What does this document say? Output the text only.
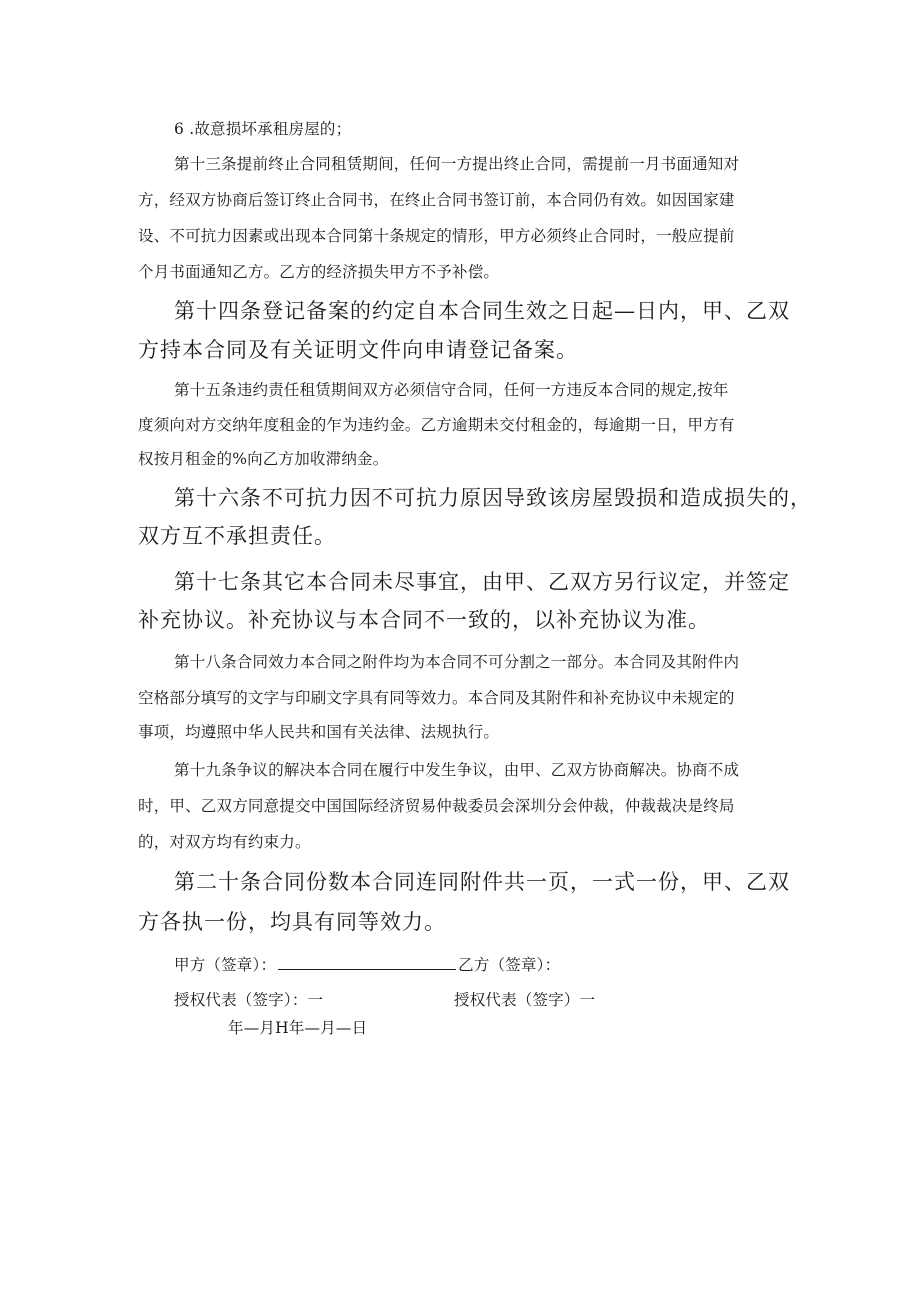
6 .故意损坏承租房屋的；
第十三条提前终止合同租赁期间，任何一方提出终止合同，需提前一月书面通知对
方，经双方协商后签订终止合同书，在终止合同书签订前，本合同仍有效。如因国家建
设、不可抗力因素或出现本合同第十条规定的情形，甲方必须终止合同时，一般应提前
个月书面通知乙方。乙方的经济损失甲方不予补偿。
第十四条登记备案的约定自本合同生效之日起—日内，甲、乙双
方持本合同及有关证明文件向申请登记备案。
第十五条违约责任租赁期间双方必须信守合同，任何一方违反本合同的规定,按年
度须向对方交纳年度租金的乍为违约金。乙方逾期未交付租金的，每逾期一日，甲方有
权按月租金的%向乙方加收滞纳金。
第十六条不可抗力因不可抗力原因导致该房屋毁损和造成损失的，
双方互不承担责任。
第十七条其它本合同未尽事宜，由甲、乙双方另行议定，并签定
补充协议。补充协议与本合同不一致的，以补充协议为准。
第十八条合同效力本合同之附件均为本合同不可分割之一部分。本合同及其附件内
空格部分填写的文字与印刷文字具有同等效力。本合同及其附件和补充协议中未规定的
事项，均遵照中华人民共和国有关法律、法规执行。
第十九条争议的解决本合同在履行中发生争议，由甲、乙双方协商解决。协商不成
时，甲、乙双方同意提交中国国际经济贸易仲裁委员会深圳分会仲裁，仲裁裁决是终局
的，对双方均有约束力。
第二十条合同份数本合同连同附件共一页，一式一份，甲、乙双
方各执一份，均具有同等效力。
甲方（签章）：	乙方（签章）：
授权代表（签字）：一	授权代表（签字）一
年—月H年—月—日
